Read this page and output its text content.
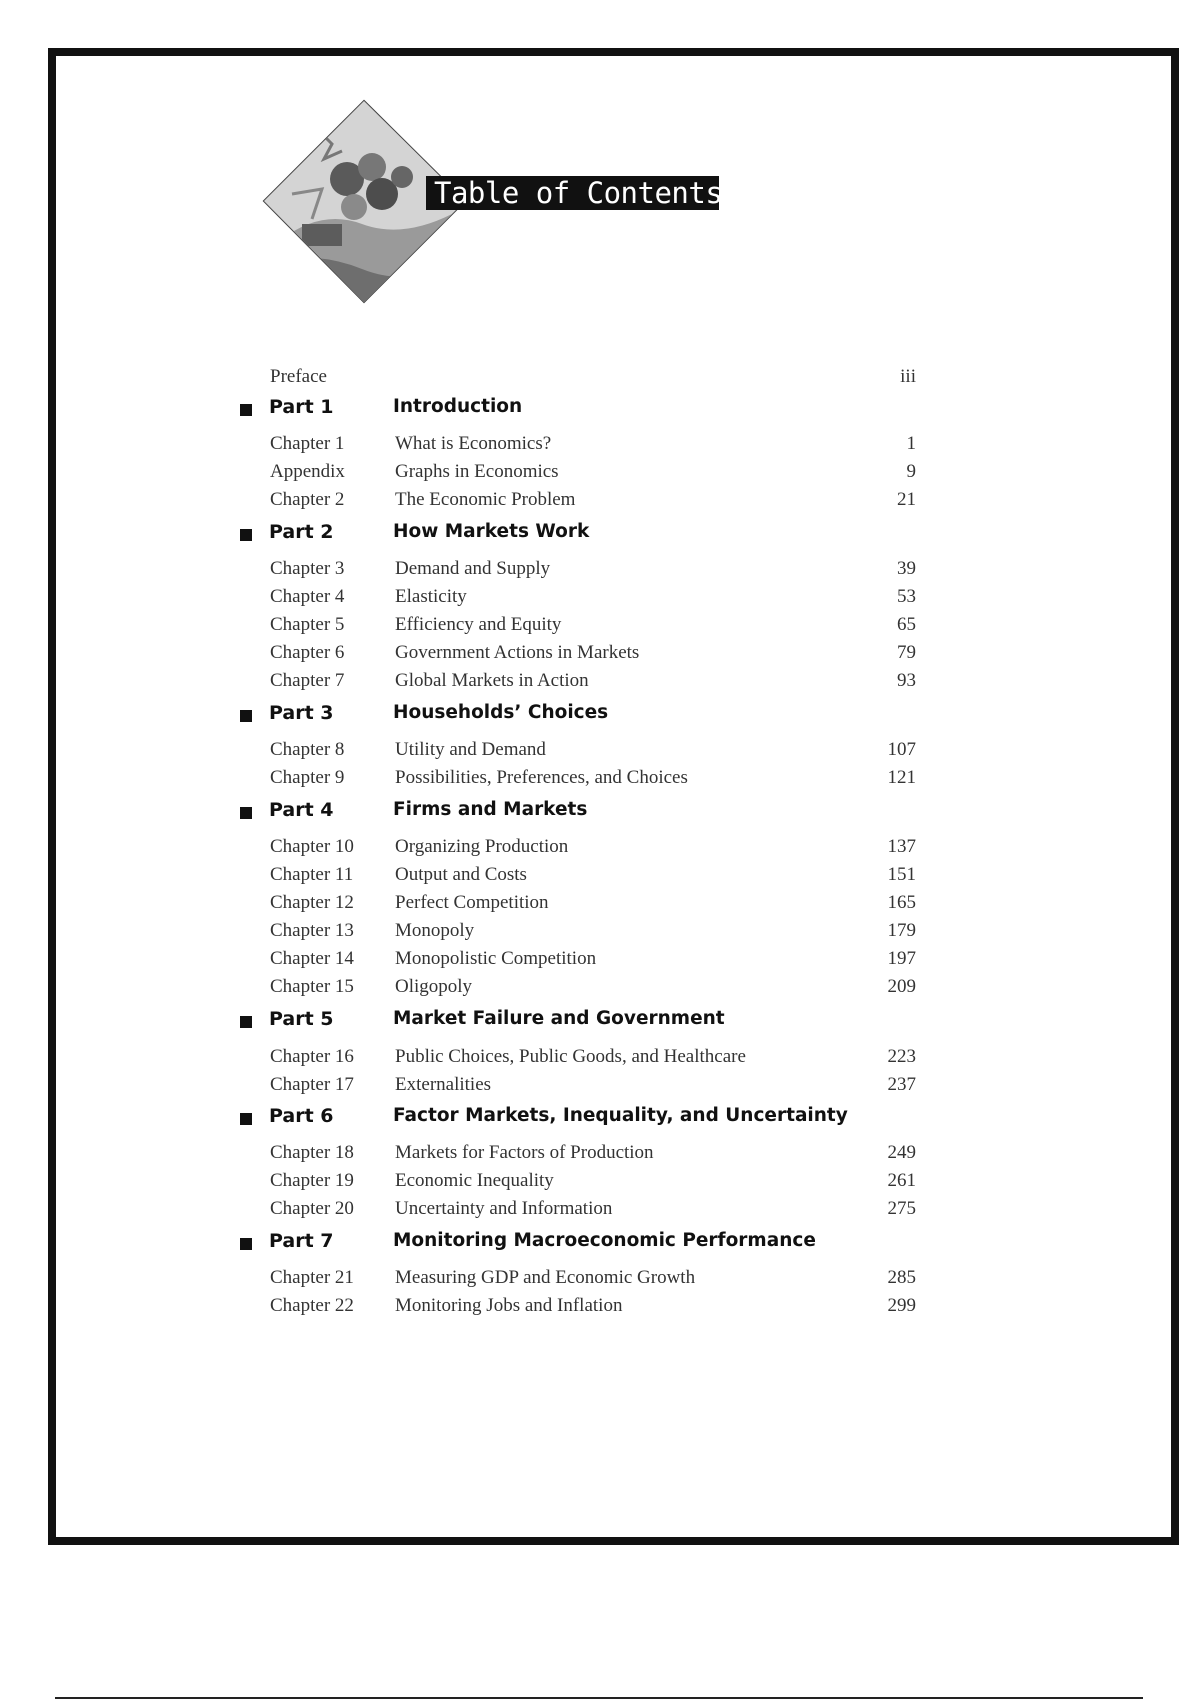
Table of Contents
Preface	iii
Part 1	Introduction
Chapter 1	What is Economics?	1
Appendix	Graphs in Economics	9
Chapter 2	The Economic Problem	21
Part 2	How Markets Work
Chapter 3	Demand and Supply	39
Chapter 4	Elasticity	53
Chapter 5	Efficiency and Equity	65
Chapter 6	Government Actions in Markets	79
Chapter 7	Global Markets in Action	93
Part 3	Households’ Choices
Chapter 8	Utility and Demand	107
Chapter 9	Possibilities, Preferences, and Choices	121
Part 4	Firms and Markets
Chapter 10 Organizing Production	137
Chapter 11 Output and Costs	151
Chapter 12 Perfect Competition	165
Chapter 13 Monopoly	179
Chapter 14 Monopolistic Competition	197
Chapter 15 Oligopoly	209
Part 5	Market Failure and Government
Chapter 16 Public Choices, Public Goods, and Healthcare	223
Chapter 17 Externalities	237
Part 6	Factor Markets, Inequality, and Uncertainty
Chapter 18 Markets for Factors of Production	249
Chapter 19 Economic Inequality	261
Chapter 20 Uncertainty and Information	275
Part 7	Monitoring Macroeconomic Performance
Chapter 21 Measuring GDP and Economic Growth	285
Chapter 22 Monitoring Jobs and Inflation	299
